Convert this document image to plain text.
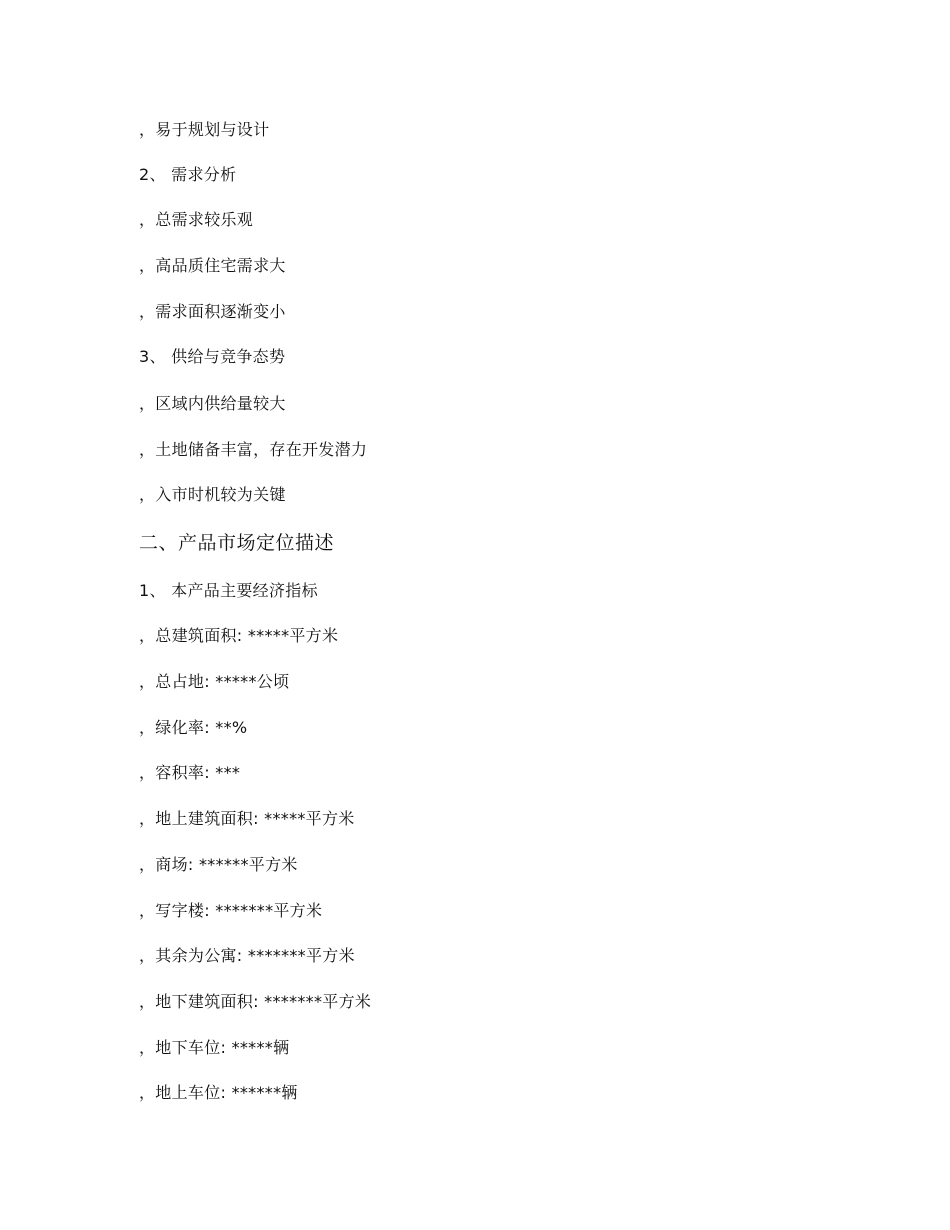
，易于规划与设计
2、 需求分析
，总需求较乐观
，高品质住宅需求大
，需求面积逐渐变小
3、 供给与竞争态势
，区域内供给量较大
，土地储备丰富，存在开发潜力
，入市时机较为关键
二、产品市场定位描述
1、 本产品主要经济指标
，总建筑面积: *****平方米
，总占地: *****公顷
，绿化率: **%
，容积率: ***
，地上建筑面积: *****平方米
，商场: ******平方米
，写字楼: *******平方米
，其余为公寓: *******平方米
，地下建筑面积: *******平方米
，地下车位: *****辆
，地上车位: ******辆
